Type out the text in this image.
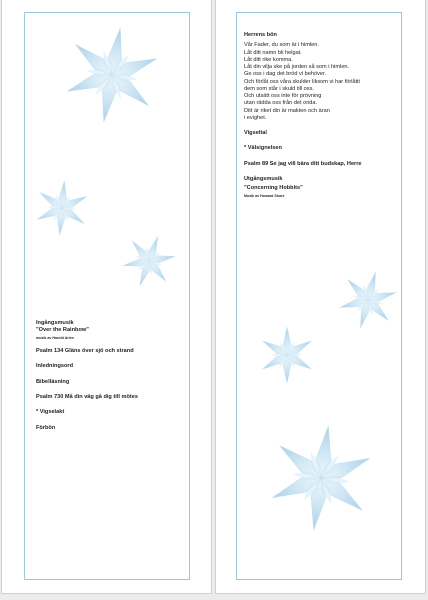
Ingångsmusik

"Over the Rainbow"

musik av Harold Arlen

Psalm 134 Gläns över sjö och strand

Inledningsord

Bibelläsning

Psalm 730 Må din väg gå dig till mötes

* Vigselakt

Förbön

Herrens bön

Vår Fader, du som är i himlen.

Låt ditt namn bli helgat.

Låt ditt rike komma.

Låt din vilja ske på jorden så som i himlen.

Ge oss i dag det bröd vi behöver.

Och förlåt oss våra skulder liksom vi har förlåtit

dem som står i skuld till oss.

Och utsätt oss inte för prövning

utan rädda oss från det onda.

Ditt är riket din är makten och äran

i evighet.

Vigseltal

* Välsignelsen

Psalm 89 Se jag vill bära ditt budskap, Herre

Utgångsmusik

"Concerning Hobbits"

Musik av Howard Shore
